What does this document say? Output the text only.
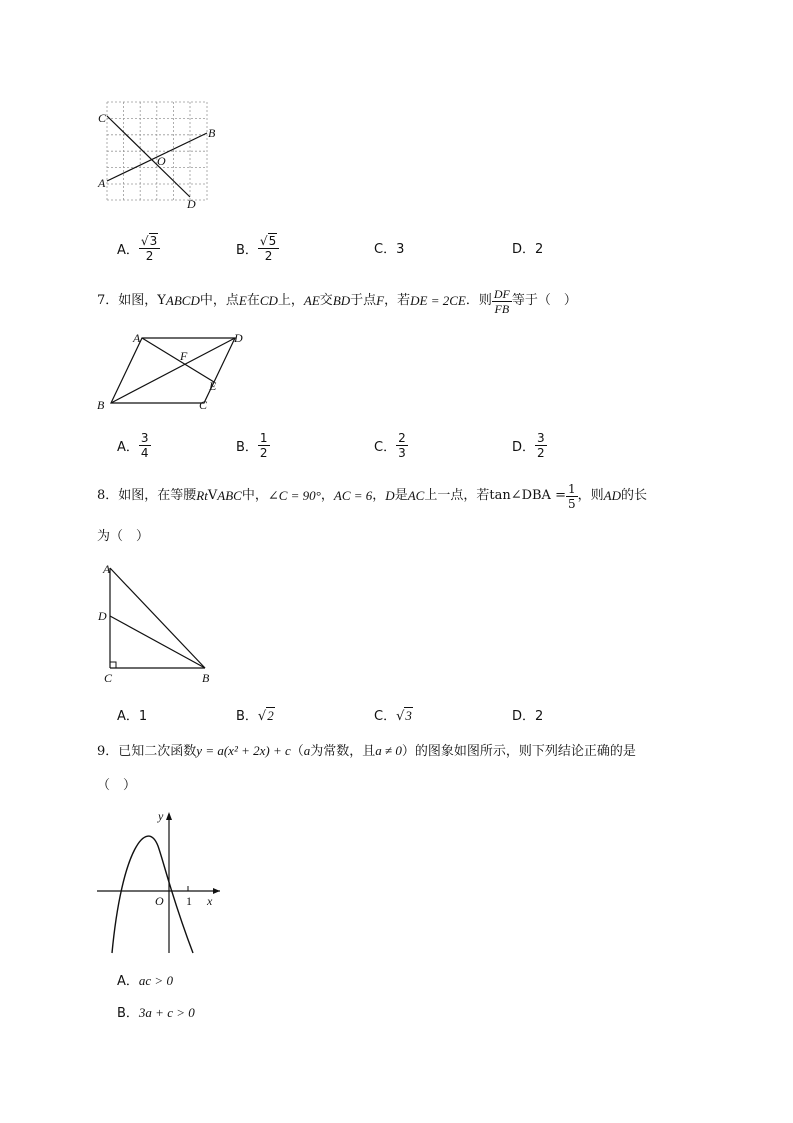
C
A
B
O
D
A． $\frac{√3}{2}$	B． $\frac{√5}{2}$	C．3	D．2
7． 如图， Y ABCD 中，点 E 在 CD 上， AE 交 BD 于点 F ，若 DE = 2CE ．则 $\frac{DF}{FB}$ 等于（　）
A	D
F
E
B	C
A． $\frac{3}{4}$	B． $\frac{1}{2}$	C． $\frac{2}{3}$	D． $\frac{3}{2}$
8． 如图，在等腰 Rt V ABC 中， ∠C = 90° ， AC = 6 ， D 是 AC 上一点，若 tan∠DBA = $\frac{1}{5}$ ，则 AD 的长
为（　）
A
D
C	B
A．1	B．√2	C．√3	D．2
9．已知二次函数y = a(x² + 2x) + c（a为常数，且a ≠ 0）的图象如图所示，则下列结论正确的是
（　）
y
O 1 x
A．ac > 0
B．3a + c > 0
